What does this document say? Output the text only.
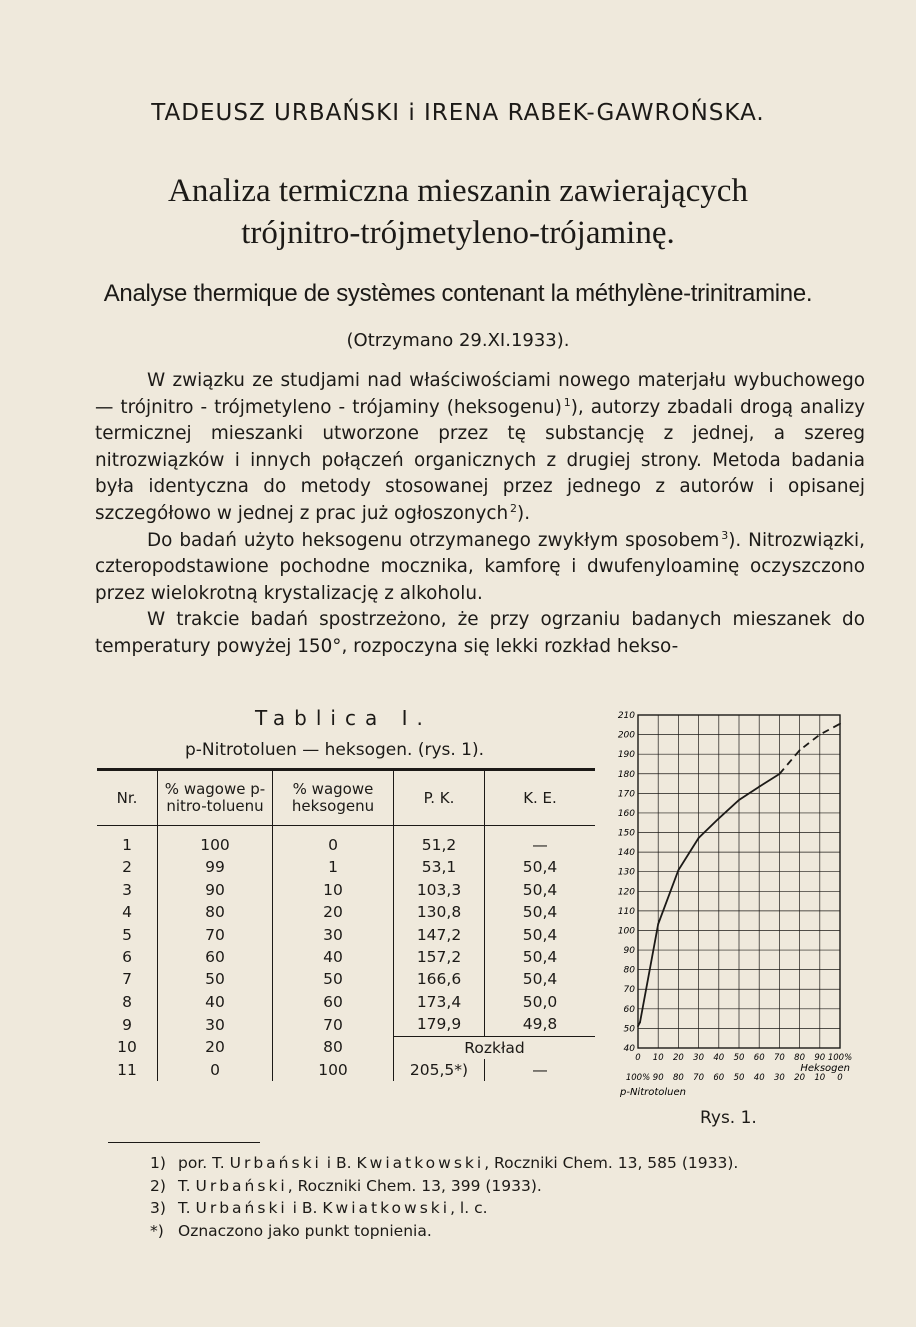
TADEUSZ URBAŃSKI i IRENA RABEK-GAWROŃSKA.
Analiza termiczna mieszanin zawierających
trójnitro-trójmetyleno-trójaminę.
Analyse thermique de systèmes contenant la méthylène-trinitramine.
(Otrzymano 29.XI.1933).

W związku ze studjami nad właściwościami nowego materjału wybuchowego — trójnitro - trójmetyleno - trójaminy (heksogenu)  $^1$), autorzy zbadali drogą analizy termicznej mieszanki utworzone przez tę substancję z jednej, a szereg nitrozwiązków i innych połączeń organicznych z drugiej strony. Metoda badania była identyczna do metody stosowanej przez jednego z autorów i opisanej szczegółowo w jednej z prac już ogłoszonych  $^2$).

Do badań użyto heksogenu otrzymanego zwykłym sposobem  $^3$). Nitrozwiązki, czteropodstawione pochodne mocznika, kamforę i dwufenyloaminę oczyszczono przez wielokrotną krystalizację z alkoholu.

W trakcie badań spostrzeżono, że przy ogrzaniu badanych mieszanek do temperatury powyżej 150°, rozpoczyna się lekki rozkład hekso-

Tablica I.
p-Nitrotoluen — heksogen. (rys. 1).
Nr.	% wagowe p-nitro-toluenu	% wagowe heksogenu	P. K.	K. E.
1	100	0	51,2	—
2	99	1	53,1	50,4
3	90	10	103,3	50,4
4	80	20	130,8	50,4
5	70	30	147,2	50,4
6	60	40	157,2	50,4
7	50	50	166,6	50,4
8	40	60	173,4	50,0
9	30	70	179,9	49,8
10	20	80	Rozkład	
11	0	100	205,5*)	—
40
50
60
70
80
90
100
110
120
130
140
150
160
170
180
190
200
210
0 10 20 30 40 50 60 70 80 90 100%
100% 90 80 70 60 50 40 30 20 10 0
Heksogen
p-Nitrotoluen
Rys. 1.
1) por. T. Urbański i B. Kwiatkowski, Roczniki Chem. 13, 585 (1933).
2) T. Urbański, Roczniki Chem. 13, 399 (1933).
3) T. Urbański i B. Kwiatkowski, l. c.
*) Oznaczono jako punkt topnienia.
